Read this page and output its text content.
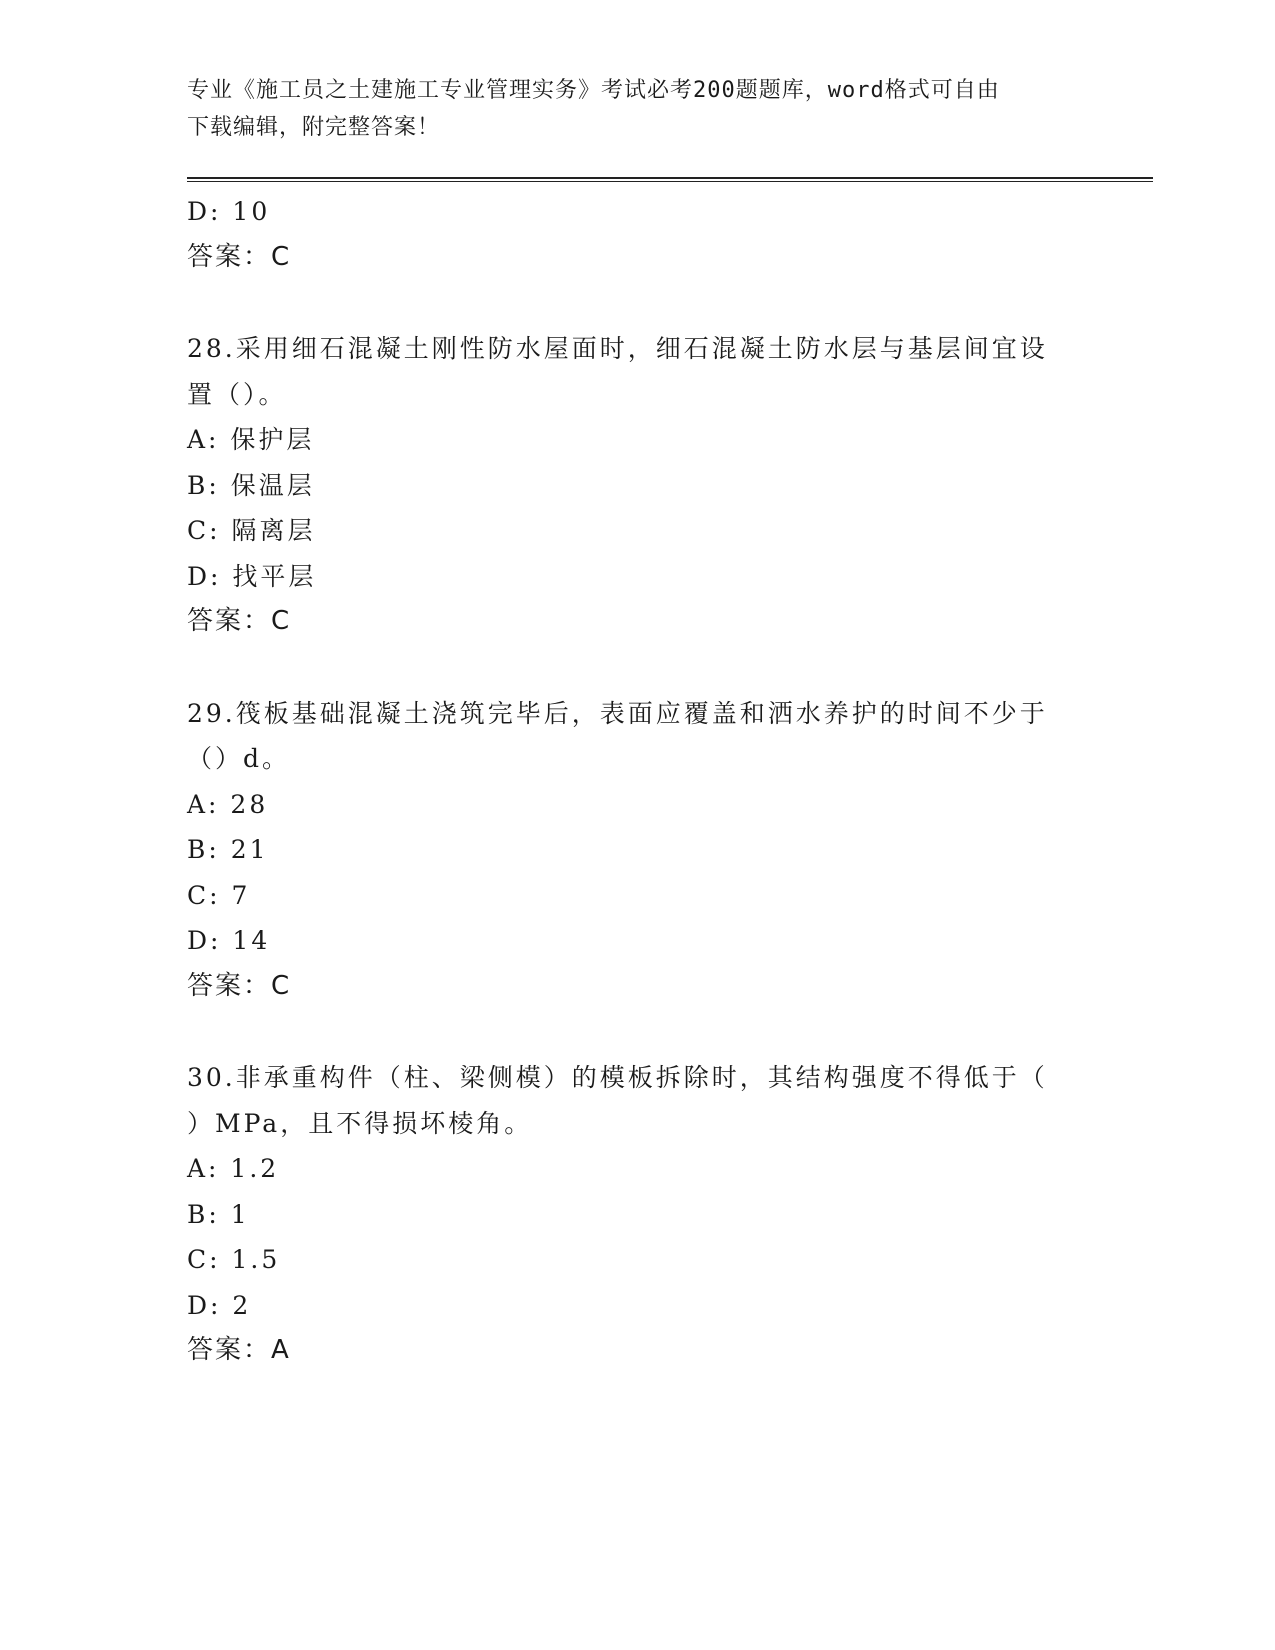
专业《施工员之土建施工专业管理实务》考试必考200题题库，word格式可自由
下载编辑，附完整答案！
D: 10
答案：C
28.采用细石混凝土刚性防水屋面时，细石混凝土防水层与基层间宜设
置（）。
A: 保护层
B: 保温层
C: 隔离层
D: 找平层
答案：C
29.筏板基础混凝土浇筑完毕后，表面应覆盖和洒水养护的时间不少于
（）d。
A: 28
B: 21
C: 7
D: 14
答案：C
30.非承重构件（柱、梁侧模）的模板拆除时，其结构强度不得低于（
）MPa，且不得损坏棱角。
A: 1.2
B: 1
C: 1.5
D: 2
答案：A
